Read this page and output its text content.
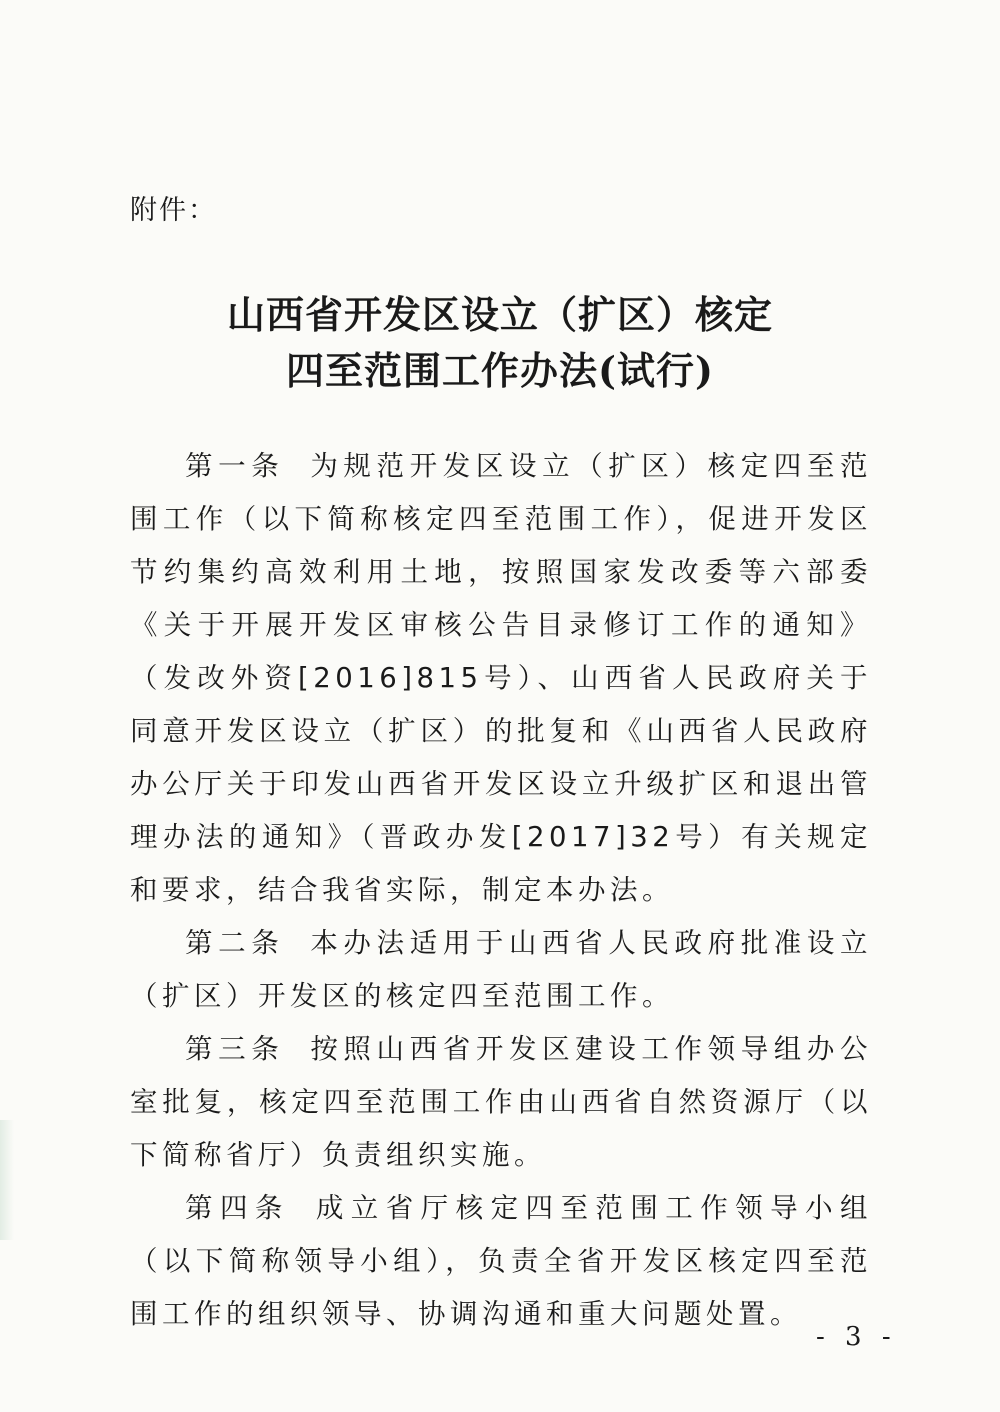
附件：
山西省开发区设立（扩区）核定
四至范围工作办法(试行)

第一条 为规范开发区设立（扩区）核定四至范围工作（以下简称核定四至范围工作），促进开发区节约集约高效利用土地，按照国家发改委等六部委《关于开展开发区审核公告目录修订工作的通知》（发改外资[2016]815号）、山西省人民政府关于同意开发区设立（扩区）的批复和《山西省人民政府办公厅关于印发山西省开发区设立升级扩区和退出管理办法的通知》（晋政办发[2017]32号）有关规定和要求，结合我省实际，制定本办法。

第二条 本办法适用于山西省人民政府批准设立（扩区）开发区的核定四至范围工作。

第三条 按照山西省开发区建设工作领导组办公室批复，核定四至范围工作由山西省自然资源厅（以下简称省厅）负责组织实施。

第四条 成立省厅核定四至范围工作领导小组（以下简称领导小组），负责全省开发区核定四至范围工作的组织领导、协调沟通和重大问题处置。

- 3 -
